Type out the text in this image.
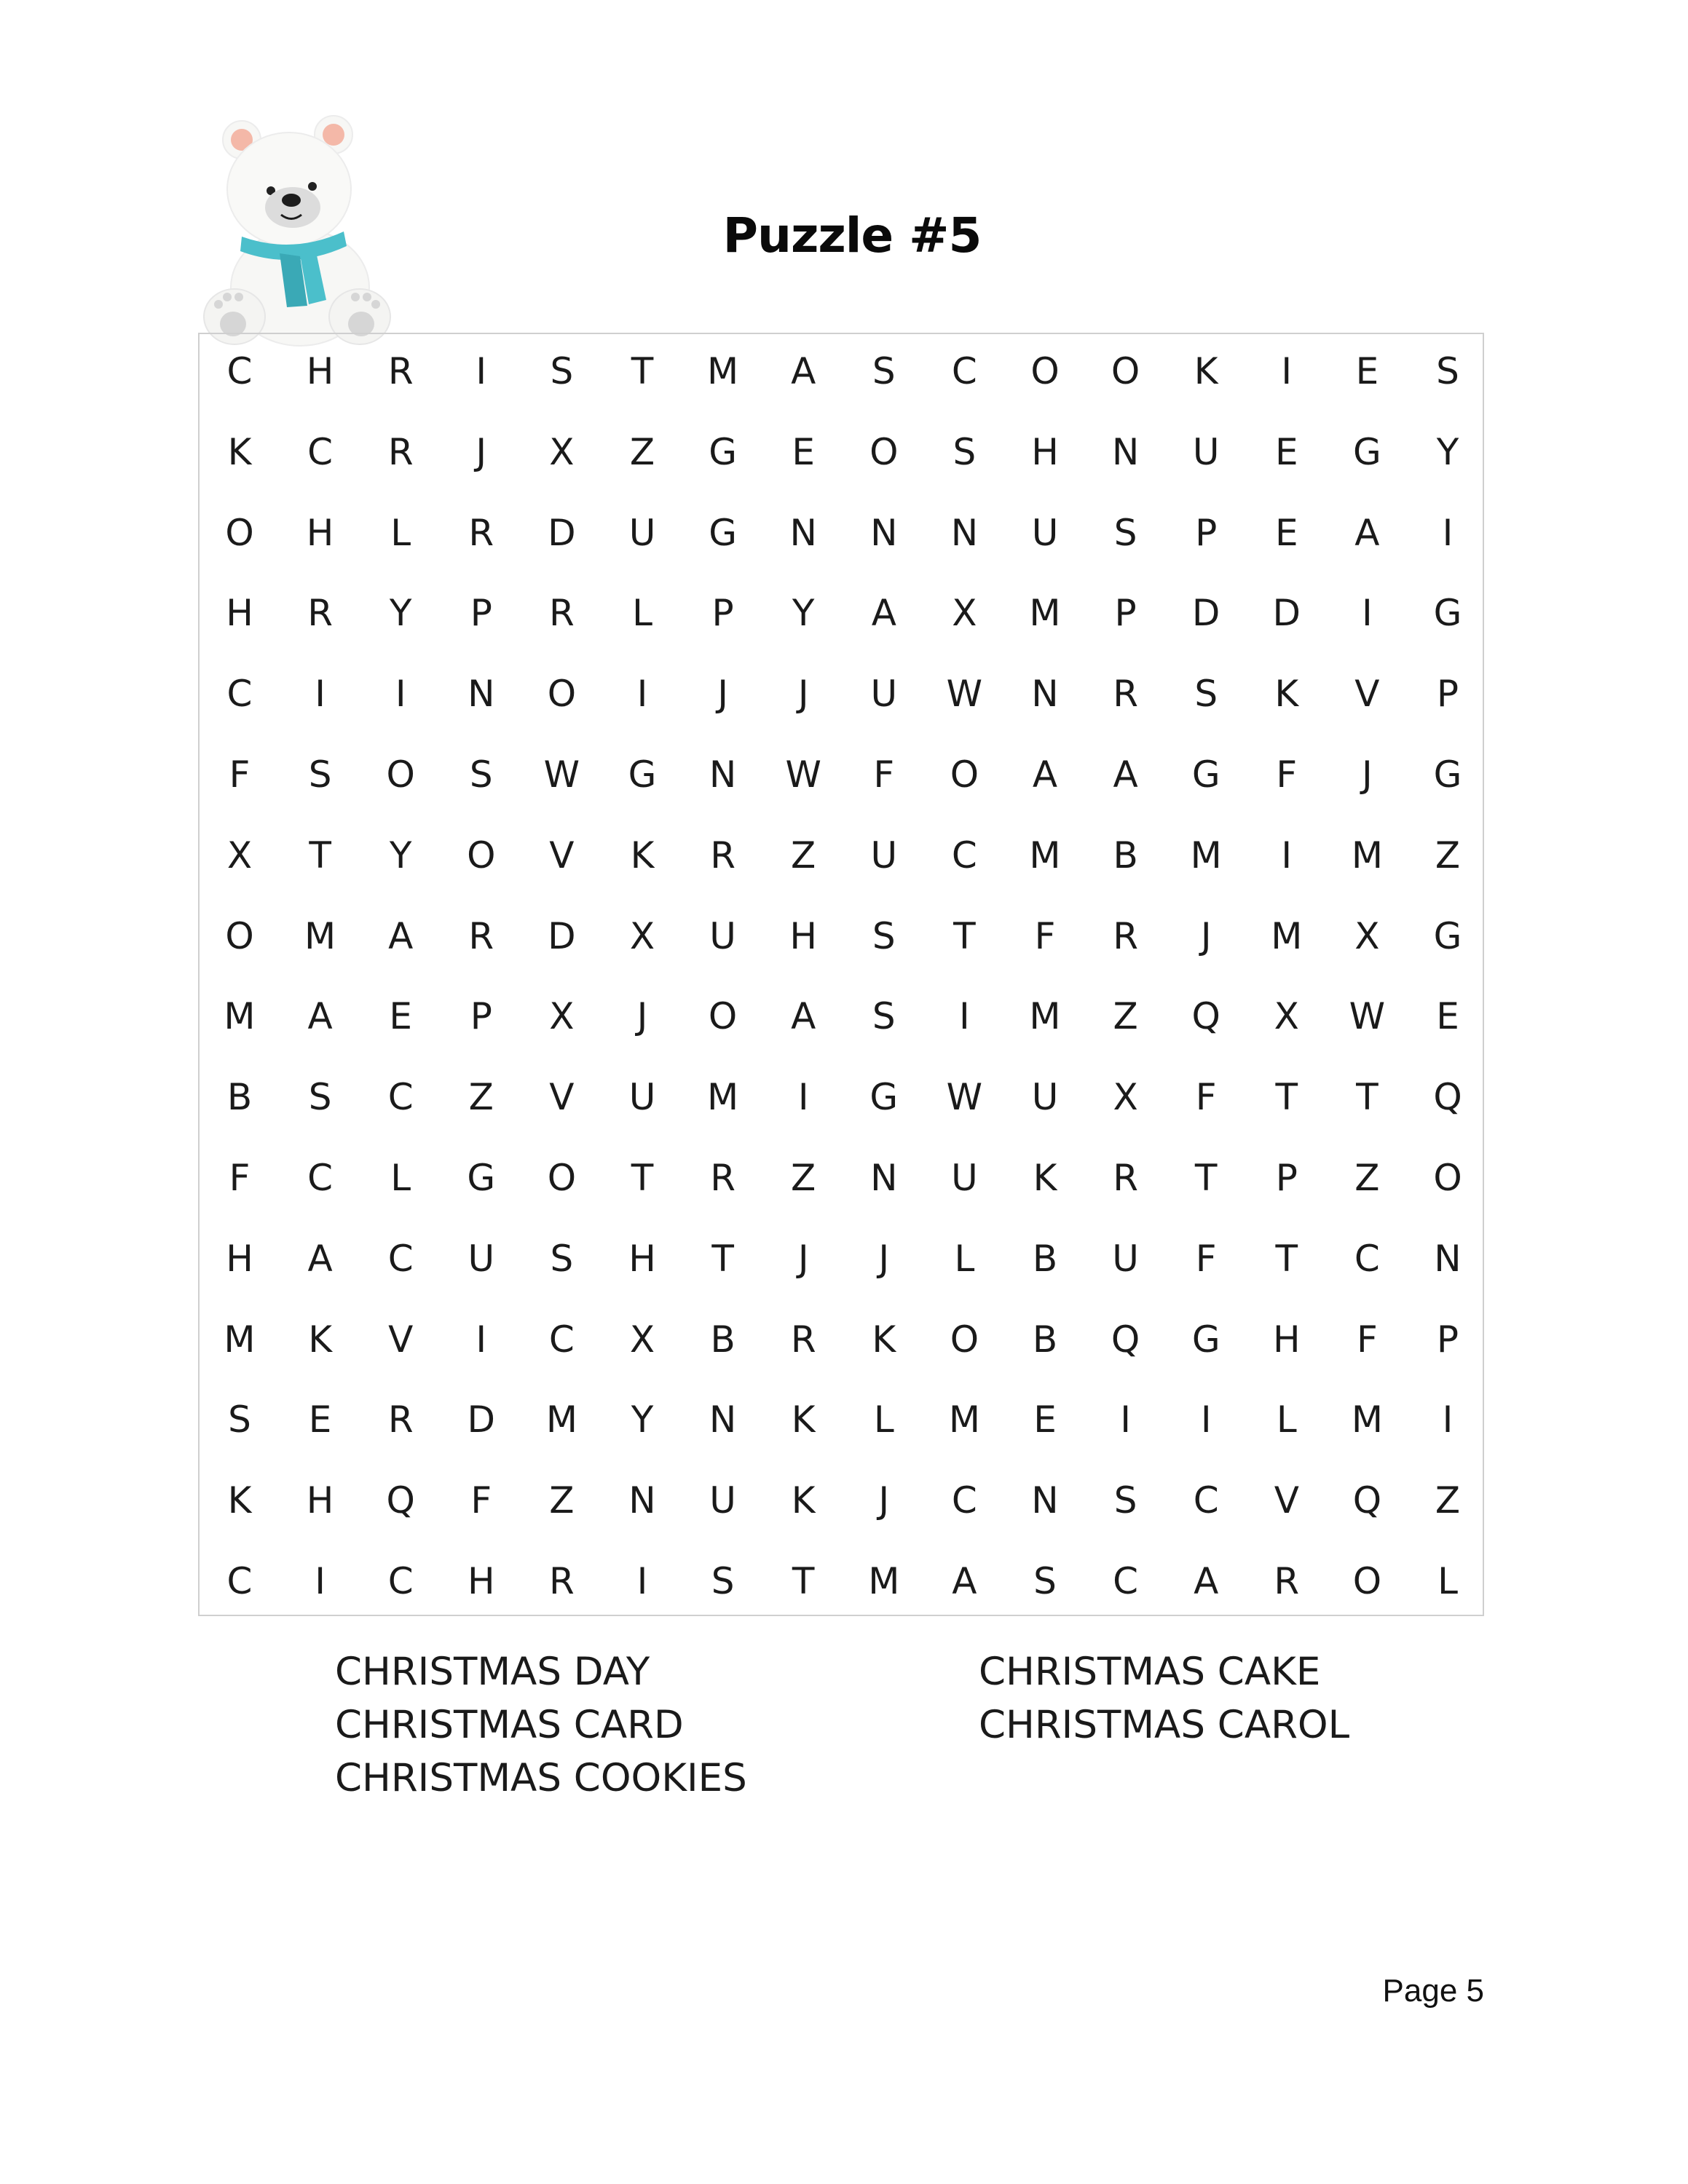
Puzzle #5
C	H	R	I	S	T	M	A	S	C	O	O	K	I	E	S
K	C	R	J	X	Z	G	E	O	S	H	N	U	E	G	Y
O	H	L	R	D	U	G	N	N	N	U	S	P	E	A	I
H	R	Y	P	R	L	P	Y	A	X	M	P	D	D	I	G
C	I	I	N	O	I	J	J	U	W	N	R	S	K	V	P
F	S	O	S	W	G	N	W	F	O	A	A	G	F	J	G
X	T	Y	O	V	K	R	Z	U	C	M	B	M	I	M	Z
O	M	A	R	D	X	U	H	S	T	F	R	J	M	X	G
M	A	E	P	X	J	O	A	S	I	M	Z	Q	X	W	E
B	S	C	Z	V	U	M	I	G	W	U	X	F	T	T	Q
F	C	L	G	O	T	R	Z	N	U	K	R	T	P	Z	O
H	A	C	U	S	H	T	J	J	L	B	U	F	T	C	N
M	K	V	I	C	X	B	R	K	O	B	Q	G	H	F	P
S	E	R	D	M	Y	N	K	L	M	E	I	I	L	M	I
K	H	Q	F	Z	N	U	K	J	C	N	S	C	V	Q	Z
C	I	C	H	R	I	S	T	M	A	S	C	A	R	O	L
CHRISTMAS DAY
CHRISTMAS CARD
CHRISTMAS COOKIES
CHRISTMAS CAKE
CHRISTMAS CAROL
Page 5
